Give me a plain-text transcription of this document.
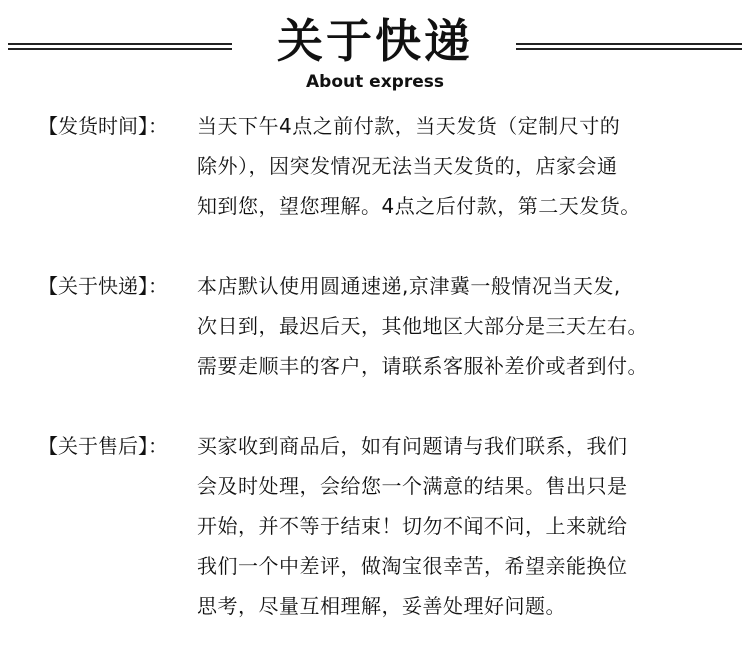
关于快递
About express
【发货时间】： 当天下午4点之前付款，当天发货（定制尺寸的
除外），因突发情况无法当天发货的，店家会通
知到您，望您理解。4点之后付款，第二天发货。
【关于快递】： 本店默认使用圆通速递,京津冀一般情况当天发,
次日到，最迟后天，其他地区大部分是三天左右。
需要走顺丰的客户，请联系客服补差价或者到付。
【关于售后】： 买家收到商品后，如有问题请与我们联系，我们
会及时处理，会给您一个满意的结果。售出只是
开始，并不等于结束！切勿不闻不问，上来就给
我们一个中差评，做淘宝很幸苦，希望亲能换位
思考，尽量互相理解，妥善处理好问题。
